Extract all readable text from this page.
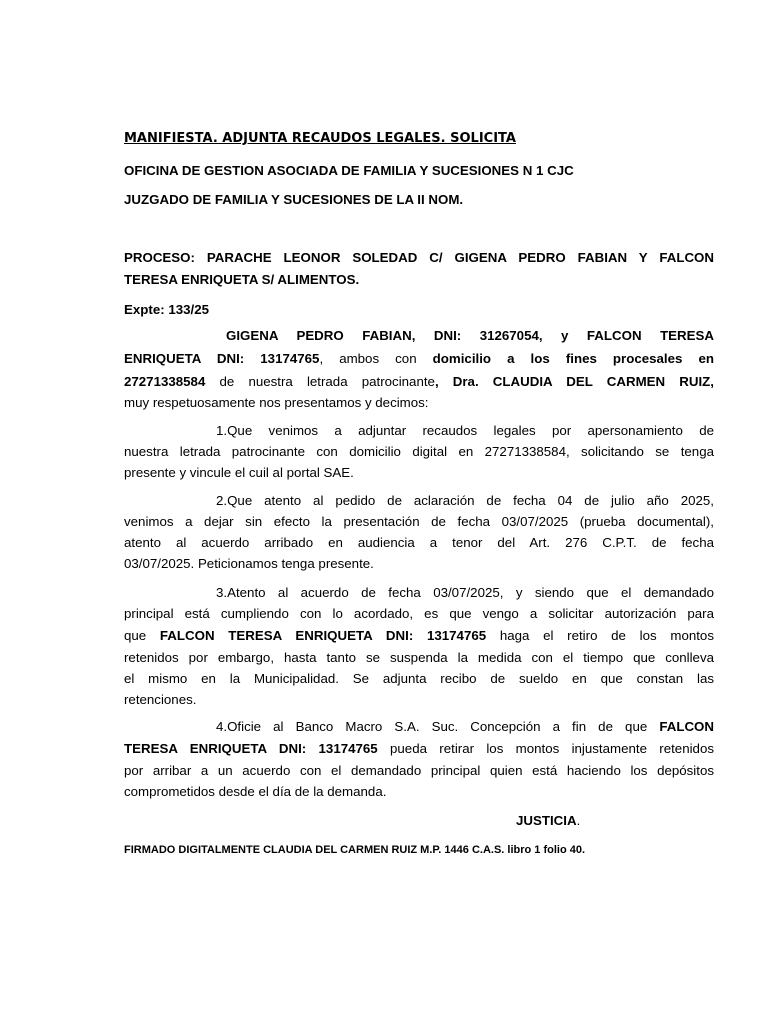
MANIFIESTA. ADJUNTA RECAUDOS LEGALES. SOLICITA
OFICINA DE GESTION ASOCIADA DE FAMILIA Y SUCESIONES N 1 CJC
JUZGADO DE FAMILIA Y SUCESIONES DE LA II NOM.
PROCESO: PARACHE LEONOR SOLEDAD C/ GIGENA PEDRO FABIAN Y FALCON
TERESA ENRIQUETA S/ ALIMENTOS.
Expte: 133/25
GIGENA PEDRO FABIAN, DNI: 31267054, y FALCON TERESA
ENRIQUETA DNI: 13174765, ambos con domicilio a los fines procesales en
27271338584 de nuestra letrada patrocinante, Dra. CLAUDIA DEL CARMEN RUIZ,
muy respetuosamente nos presentamos y decimos:
1.Que venimos a adjuntar recaudos legales por apersonamiento de
nuestra letrada patrocinante con domicilio digital en 27271338584, solicitando se tenga
presente y vincule el cuil al portal SAE.
2.Que atento al pedido de aclaración de fecha 04 de julio año 2025,
venimos a dejar sin efecto la presentación de fecha 03/07/2025 (prueba documental),
atento al acuerdo arribado en audiencia a tenor del Art. 276 C.P.T. de fecha
03/07/2025. Peticionamos tenga presente.
3.Atento al acuerdo de fecha 03/07/2025, y siendo que el demandado
principal está cumpliendo con lo acordado, es que vengo a solicitar autorización para
que FALCON TERESA ENRIQUETA DNI: 13174765 haga el retiro de los montos
retenidos por embargo, hasta tanto se suspenda la medida con el tiempo que conlleva
el mismo en la Municipalidad. Se adjunta recibo de sueldo en que constan las
retenciones.
4.Oficie al Banco Macro S.A. Suc. Concepción a fin de que FALCON
TERESA ENRIQUETA DNI: 13174765 pueda retirar los montos injustamente retenidos
por arribar a un acuerdo con el demandado principal quien está haciendo los depósitos
comprometidos desde el día de la demanda.
JUSTICIA.
FIRMADO DIGITALMENTE CLAUDIA DEL CARMEN RUIZ M.P. 1446 C.A.S. libro 1 folio 40.
